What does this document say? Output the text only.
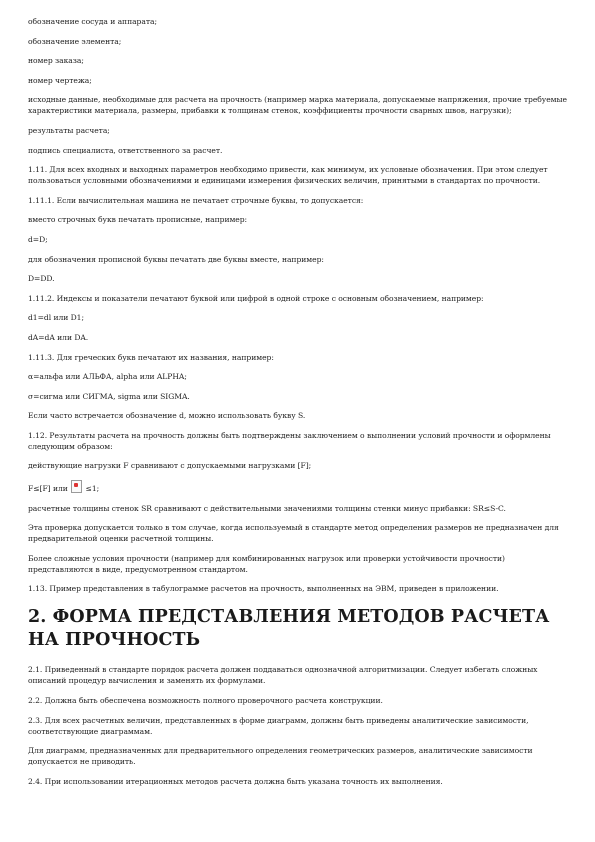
обозначение сосуда и аппарата;

обозначение элемента;

номер заказа;

номер чертежа;

исходные данные, необходимые для расчета на прочность (например марка материала, допускаемые напряжения, прочие требуемые характеристики материала, размеры, прибавки к толщинам стенок, коэффициенты прочности сварных швов, нагрузки);

результаты расчета;

подпись специалиста, ответственного за расчет.

1.11. Для всех входных и выходных параметров необходимо привести, как минимум, их условные обозначения. При этом следует пользоваться условными обозначениями и единицами измерения физических величин, принятыми в стандартах по прочности.

1.11.1. Если вычислительная машина не печатает строчные буквы, то допускается:

вместо строчных букв печатать прописные, например:

d=D;

для обозначения прописной буквы печатать две буквы вместе, например:

D=DD.

1.11.2. Индексы и показатели печатают буквой или цифрой в одной строке с основным обозначением, например:

d1=dl или D1;

dA=dA или DA.

1.11.3. Для греческих букв печатают их названия, например:

α=альфа или АЛЬФА, alpha или ALPHA;

σ=сигма или СИГМА, sigma или SIGMA.

Если часто встречается обозначение d, можно использовать букву S.

1.12. Результаты расчета на прочность должны быть подтверждены заключением о выполнении условий прочности и оформлены следующим образом:

действующие нагрузки F сравнивают с допускаемыми нагрузками [F];

F≤[F] или ≤1;

расчетные толщины стенок SR сравнивают с действительными значениями толщины стенки минус прибавки: SR≤S-C.

Эта проверка допускается только в том случае, когда используемый в стандарте метод определения размеров не предназначен для предварительной оценки расчетной толщины.

Более сложные условия прочности (например для комбинированных нагрузок или проверки устойчивости прочности) представляются в виде, предусмотренном стандартом.

1.13. Пример представления в табулограмме расчетов на прочность, выполненных на ЭВМ, приведен в приложении.

2. ФОРМА ПРЕДСТАВЛЕНИЯ МЕТОДОВ РАСЧЕТА НА ПРОЧНОСТЬ

2.1. Приведенный в стандарте порядок расчета должен поддаваться однозначной алгоритмизации. Следует избегать сложных описаний процедур вычисления и заменять их формулами.

2.2. Должна быть обеспечена возможность полного проверочного расчета конструкции.

2.3. Для всех расчетных величин, представленных в форме диаграмм, должны быть приведены аналитические зависимости, соответствующие диаграммам.

Для диаграмм, предназначенных для предварительного определения геометрических размеров, аналитические зависимости допускается не приводить.

2.4. При использовании итерационных методов расчета должна быть указана точность их выполнения.
